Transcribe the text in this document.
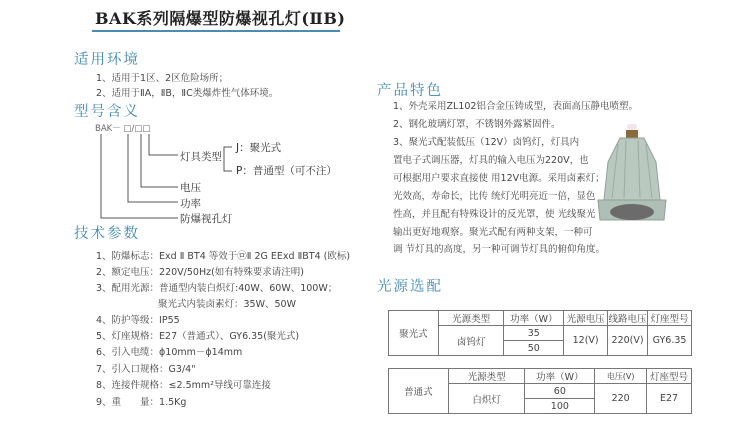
BAK系列隔爆型防爆视孔灯(ⅡB)
适用环境
1、适用于1区、2区危险场所；
2、适用于ⅡA，ⅡB，ⅡC类爆炸性气体环境。
型号含义
BAK－ □/□□
灯具类型
J：聚光式
P：普通型（可不注）
电压
功率
防爆视孔灯
技术参数
1、防爆标志：Exd Ⅱ BT4 等效于㉤Ⅱ 2G EExd ⅡBT4 (欧标)
2、额定电压：220V/50Hz(如有特殊要求请注明)
3、配用光源：普通型内装白炽灯:40W、60W、100W；
聚光式内装卤素灯：35W、50W
4、防护等级：IP55
5、灯座规格：E27（普通式）、GY6.35(聚光式)
6、引入电缆：ϕ10mm－ϕ14mm
7、引入口规格：G3/4"
8、连接件规格：≤2.5mm²导线可靠连接
9、重　　量：1.5Kg
产品特色
1、外壳采用ZL102铝合金压铸成型，表面高压静电喷塑。
2、钢化玻璃灯罩，不锈钢外露紧固件。
3、聚光式配装低压（12V）卤钨灯，灯具内
置电子式调压器，灯具的输入电压为220V，也
可根据用户要求直接使 用12V电源。采用卤素灯；
光效高，寿命长，比传 统灯光明亮近一倍，显色
性高，并且配有特殊设计的反光罩，使 光线聚光
输出更好地观察。聚光式配有两种支架，一种可
调 节灯具的高度，另一种可调节灯具的俯仰角度。
光源选配
聚光式	光源类型	功率（W）	光源电压	线路电压	灯座型号
	卤钨灯	35	12(V)	220(V)	GY6.35
		50			
普通式	光源类型	功率（W）	电压(V)	灯座型号
	白炽灯	60	220	E27
		100		
